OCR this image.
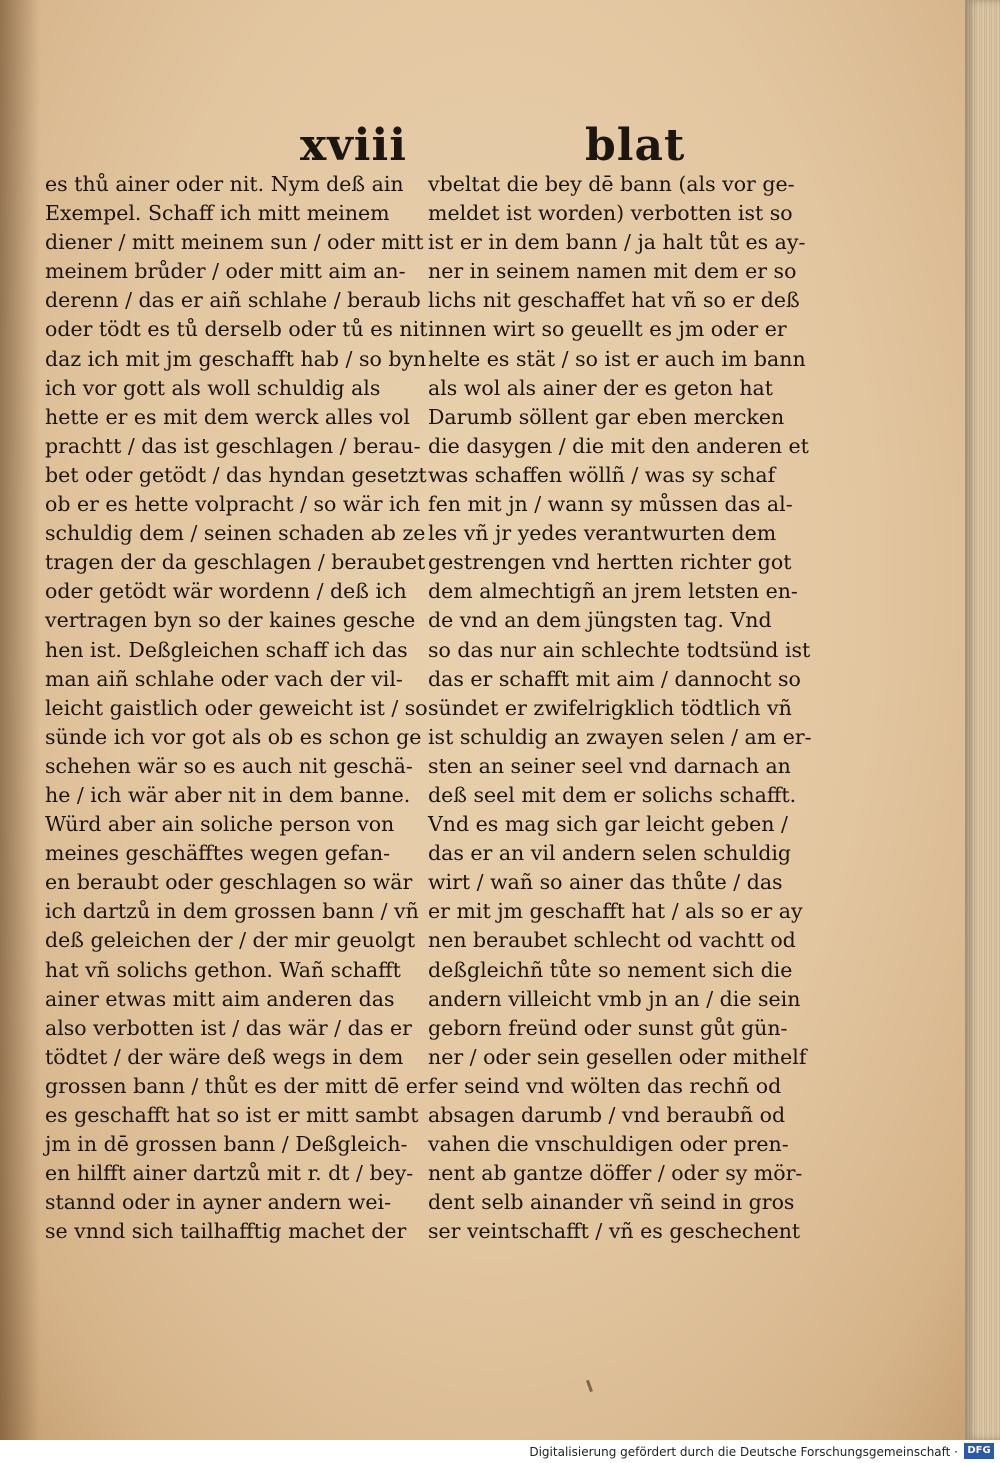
xviii	blat
es thů ainer oder nit. Nym deß ain
Exempel. Schaff ich mitt meinem
diener / mitt meinem sun / oder mitt
meinem brůder / oder mitt aim an-
derenn / das er aiñ schlahe / beraub
oder tödt es tů derselb oder tů es nit
daz ich mit jm geschafft hab / so byn
ich vor gott als woll schuldig als
hette er es mit dem werck alles vol
prachtt / das ist geschlagen / berau-
bet oder getödt / das hyndan gesetzt
ob er es hette volpracht / so wär ich
schuldig dem / seinen schaden ab ze
tragen der da geschlagen / beraubet
oder getödt wär wordenn / deß ich
vertragen byn so der kaines gesche
hen ist. Deßgleichen schaff ich das
man aiñ schlahe oder vach der vil-
leicht gaistlich oder geweicht ist / so
sünde ich vor got als ob es schon ge
schehen wär so es auch nit geschä-
he / ich wär aber nit in dem banne.
Würd aber ain soliche person von
meines geschäfftes wegen gefan-
en beraubt oder geschlagen so wär
ich dartzů in dem grossen bann / vñ
deß geleichen der / der mir geuolgt
hat vñ solichs gethon. Wañ schafft
ainer etwas mitt aim anderen das
also verbotten ist / das wär / das er
tödtet / der wäre deß wegs in dem
grossen bann / thůt es der mitt dē er
es geschafft hat so ist er mitt sambt
jm in dē grossen bann / Deßgleich-
en hilfft ainer dartzů mit r. dt / bey-
stannd oder in ayner andern wei-
se vnnd sich tailhafftig machet der
vbeltat die bey dē bann (als vor ge-
meldet ist worden) verbotten ist so
ist er in dem bann / ja halt tůt es ay-
ner in seinem namen mit dem er so
lichs nit geschaffet hat vñ so er deß
innen wirt so geuellt es jm oder er
helte es stät / so ist er auch im bann
als wol als ainer der es geton hat
Darumb söllent gar eben mercken
die dasygen / die mit den anderen et
was schaffen wöllñ / was sy schaf
fen mit jn / wann sy můssen das al-
les vñ jr yedes verantwurten dem
gestrengen vnd hertten richter got
dem almechtigñ an jrem letsten en-
de vnd an dem jüngsten tag. Vnd
so das nur ain schlechte todtsünd ist
das er schafft mit aim / dannocht so
sündet er zwifelrigklich tödtlich vñ
ist schuldig an zwayen selen / am er-
sten an seiner seel vnd darnach an
deß seel mit dem er solichs schafft.
Vnd es mag sich gar leicht geben /
das er an vil andern selen schuldig
wirt / wañ so ainer das thůte / das
er mit jm geschafft hat / als so er ay
nen beraubet schlecht od vachtt od
deßgleichñ tůte so nement sich die
andern villeicht vmb jn an / die sein
geborn freünd oder sunst gůt gün-
ner / oder sein gesellen oder mithelf
fer seind vnd wölten das rechñ od
absagen darumb / vnd beraubñ od
vahen die vnschuldigen oder pren-
nent ab gantze döffer / oder sy mör-
dent selb ainander vñ seind in gros
ser veintschafft / vñ es geschechent
Digitalisierung gefördert durch die Deutsche Forschungsgemeinschaft · DFG
